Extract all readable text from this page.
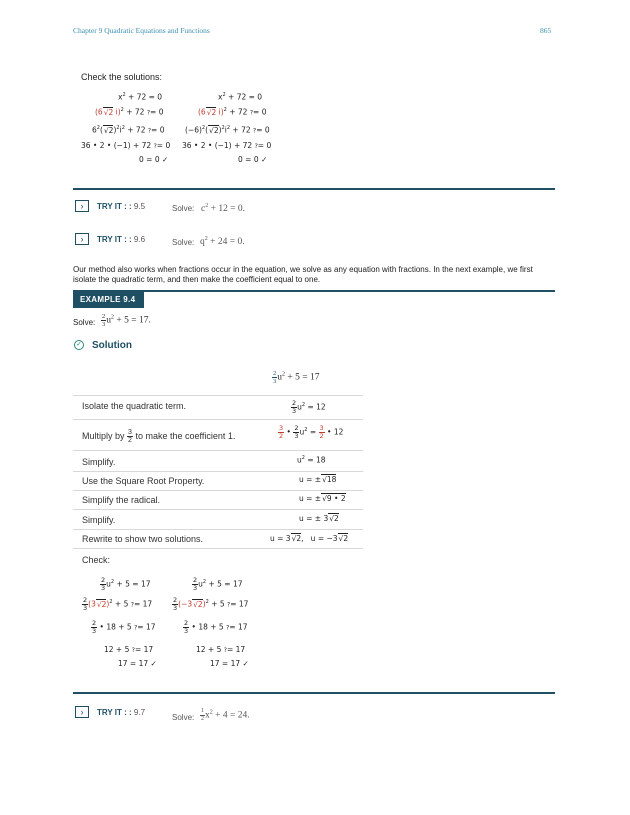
Chapter 9 Quadratic Equations and Functions	865
Check the solutions:
$x^2 + 72 = 0$
(6√2 i)$^2$ + 72 ?= 0
$6^2(√2)^2i^2 + 72$ ?= 0
36 • 2 • (−1) + 72 ?= 0
0 = 0 ✓
$x^2 + 72 = 0$
(6√2 i)$^2$ + 72 ?= 0
$(-6)^2(√2)^2i^2 + 72$ ?= 0
36 • 2 • (−1) + 72 ?= 0
0 = 0 ✓
›	TRY IT : : 9.5	Solve: $c^2 + 12 = 0$.
›	TRY IT : : 9.6	Solve: $q^2 + 24 = 0$.
Our method also works when fractions occur in the equation, we solve as any equation with fractions. In the next example, we first isolate the quadratic term, and then make the coefficient equal to one.
EXAMPLE 9.4
Solve: $\frac{2}{3} u^2 + 5 = 17$.
✓ Solution
$\frac{2}{3} u^2 + 5 = 17$
Isolate the quadratic term.	$\frac{2}{3} u^2 = 12$
Multiply by $\frac{3}{2}$ to make the coefficient 1.	$\frac{3}{2}$ • $\frac{2}{3} u^2 = \frac{3}{2}$ • 12
Simplify.	$u^2 = 18$
Use the Square Root Property.	u = ±√18
Simplify the radical.	u = ±√9 • 2
Simplify.	u = ± 3√2
Rewrite to show two solutions.	u = 3√2,   u = −3√2
Check:
$\frac{2}{3} u^2 + 5 = 17$
$\frac{2}{3} (3√2)^2 + 5$ ?= 17
$\frac{2}{3}$ • 18 + 5 ?= 17
12 + 5 ?= 17
17 = 17 ✓
$\frac{2}{3} u^2 + 5 = 17$
$\frac{2}{3} (-3√2)^2 + 5$ ?= 17
$\frac{2}{3}$ • 18 + 5 ?= 17
12 + 5 ?= 17
17 = 17 ✓
›	TRY IT : : 9.7
Solve: $\frac{1}{2} x^2 + 4 = 24$.
